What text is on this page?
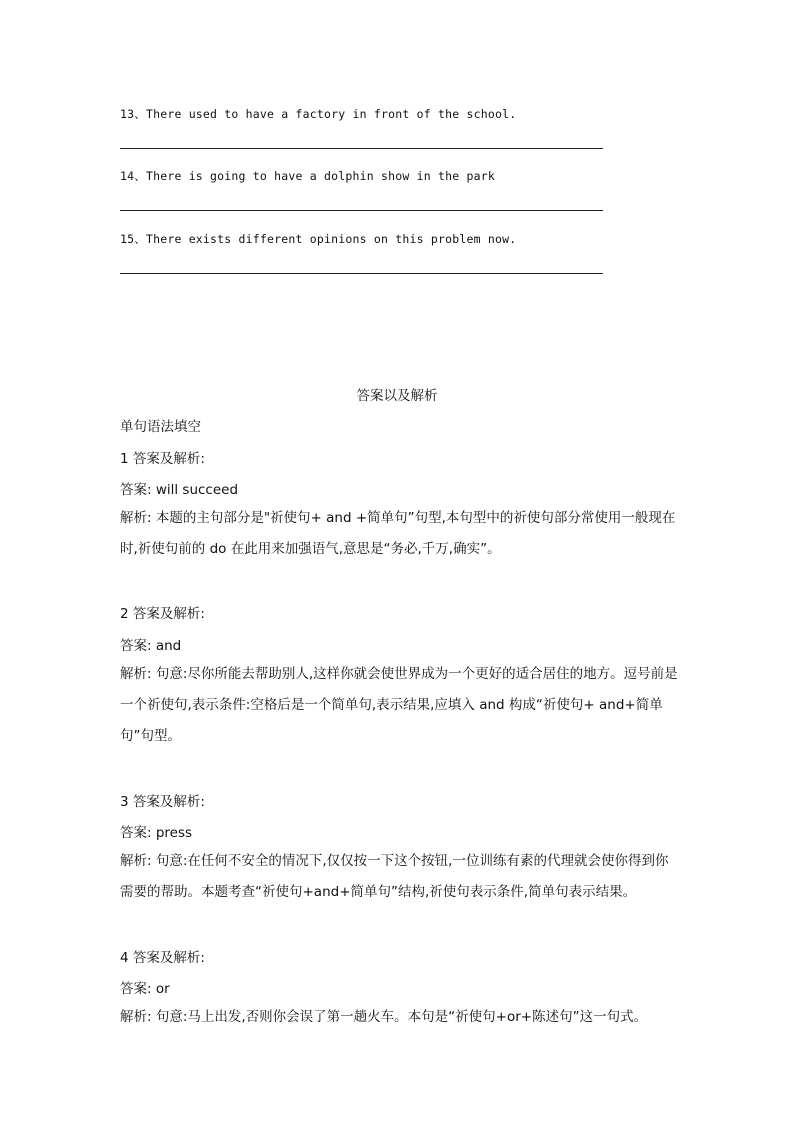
13、There used to have a factory in front of the school.
14、There is going to have a dolphin show in the park
15、There exists different opinions on this problem now.
答案以及解析
单句语法填空
1 答案及解析:
答案: will succeed
解析: 本题的主句部分是"祈使句+ and +简单句”句型,本句型中的祈使句部分常使用一般现在时,祈使句前的 do 在此用来加强语气,意思是“务必,千万,确实”。
2 答案及解析:
答案: and
解析: 句意:尽你所能去帮助别人,这样你就会使世界成为一个更好的适合居住的地方。逗号前是一个祈使句,表示条件:空格后是一个简单句,表示结果,应填入 and 构成“祈使句+ and+简单句”句型。
3 答案及解析:
答案: press
解析: 句意:在任何不安全的情况下,仅仅按一下这个按钮,一位训练有素的代理就会使你得到你需要的帮助。本题考查“祈使句+and+简单句”结构,祈使句表示条件,简单句表示结果。
4 答案及解析:
答案: or
解析: 句意:马上出发,否则你会误了第一趟火车。本句是“祈使句+or+陈述句”这一句式。
